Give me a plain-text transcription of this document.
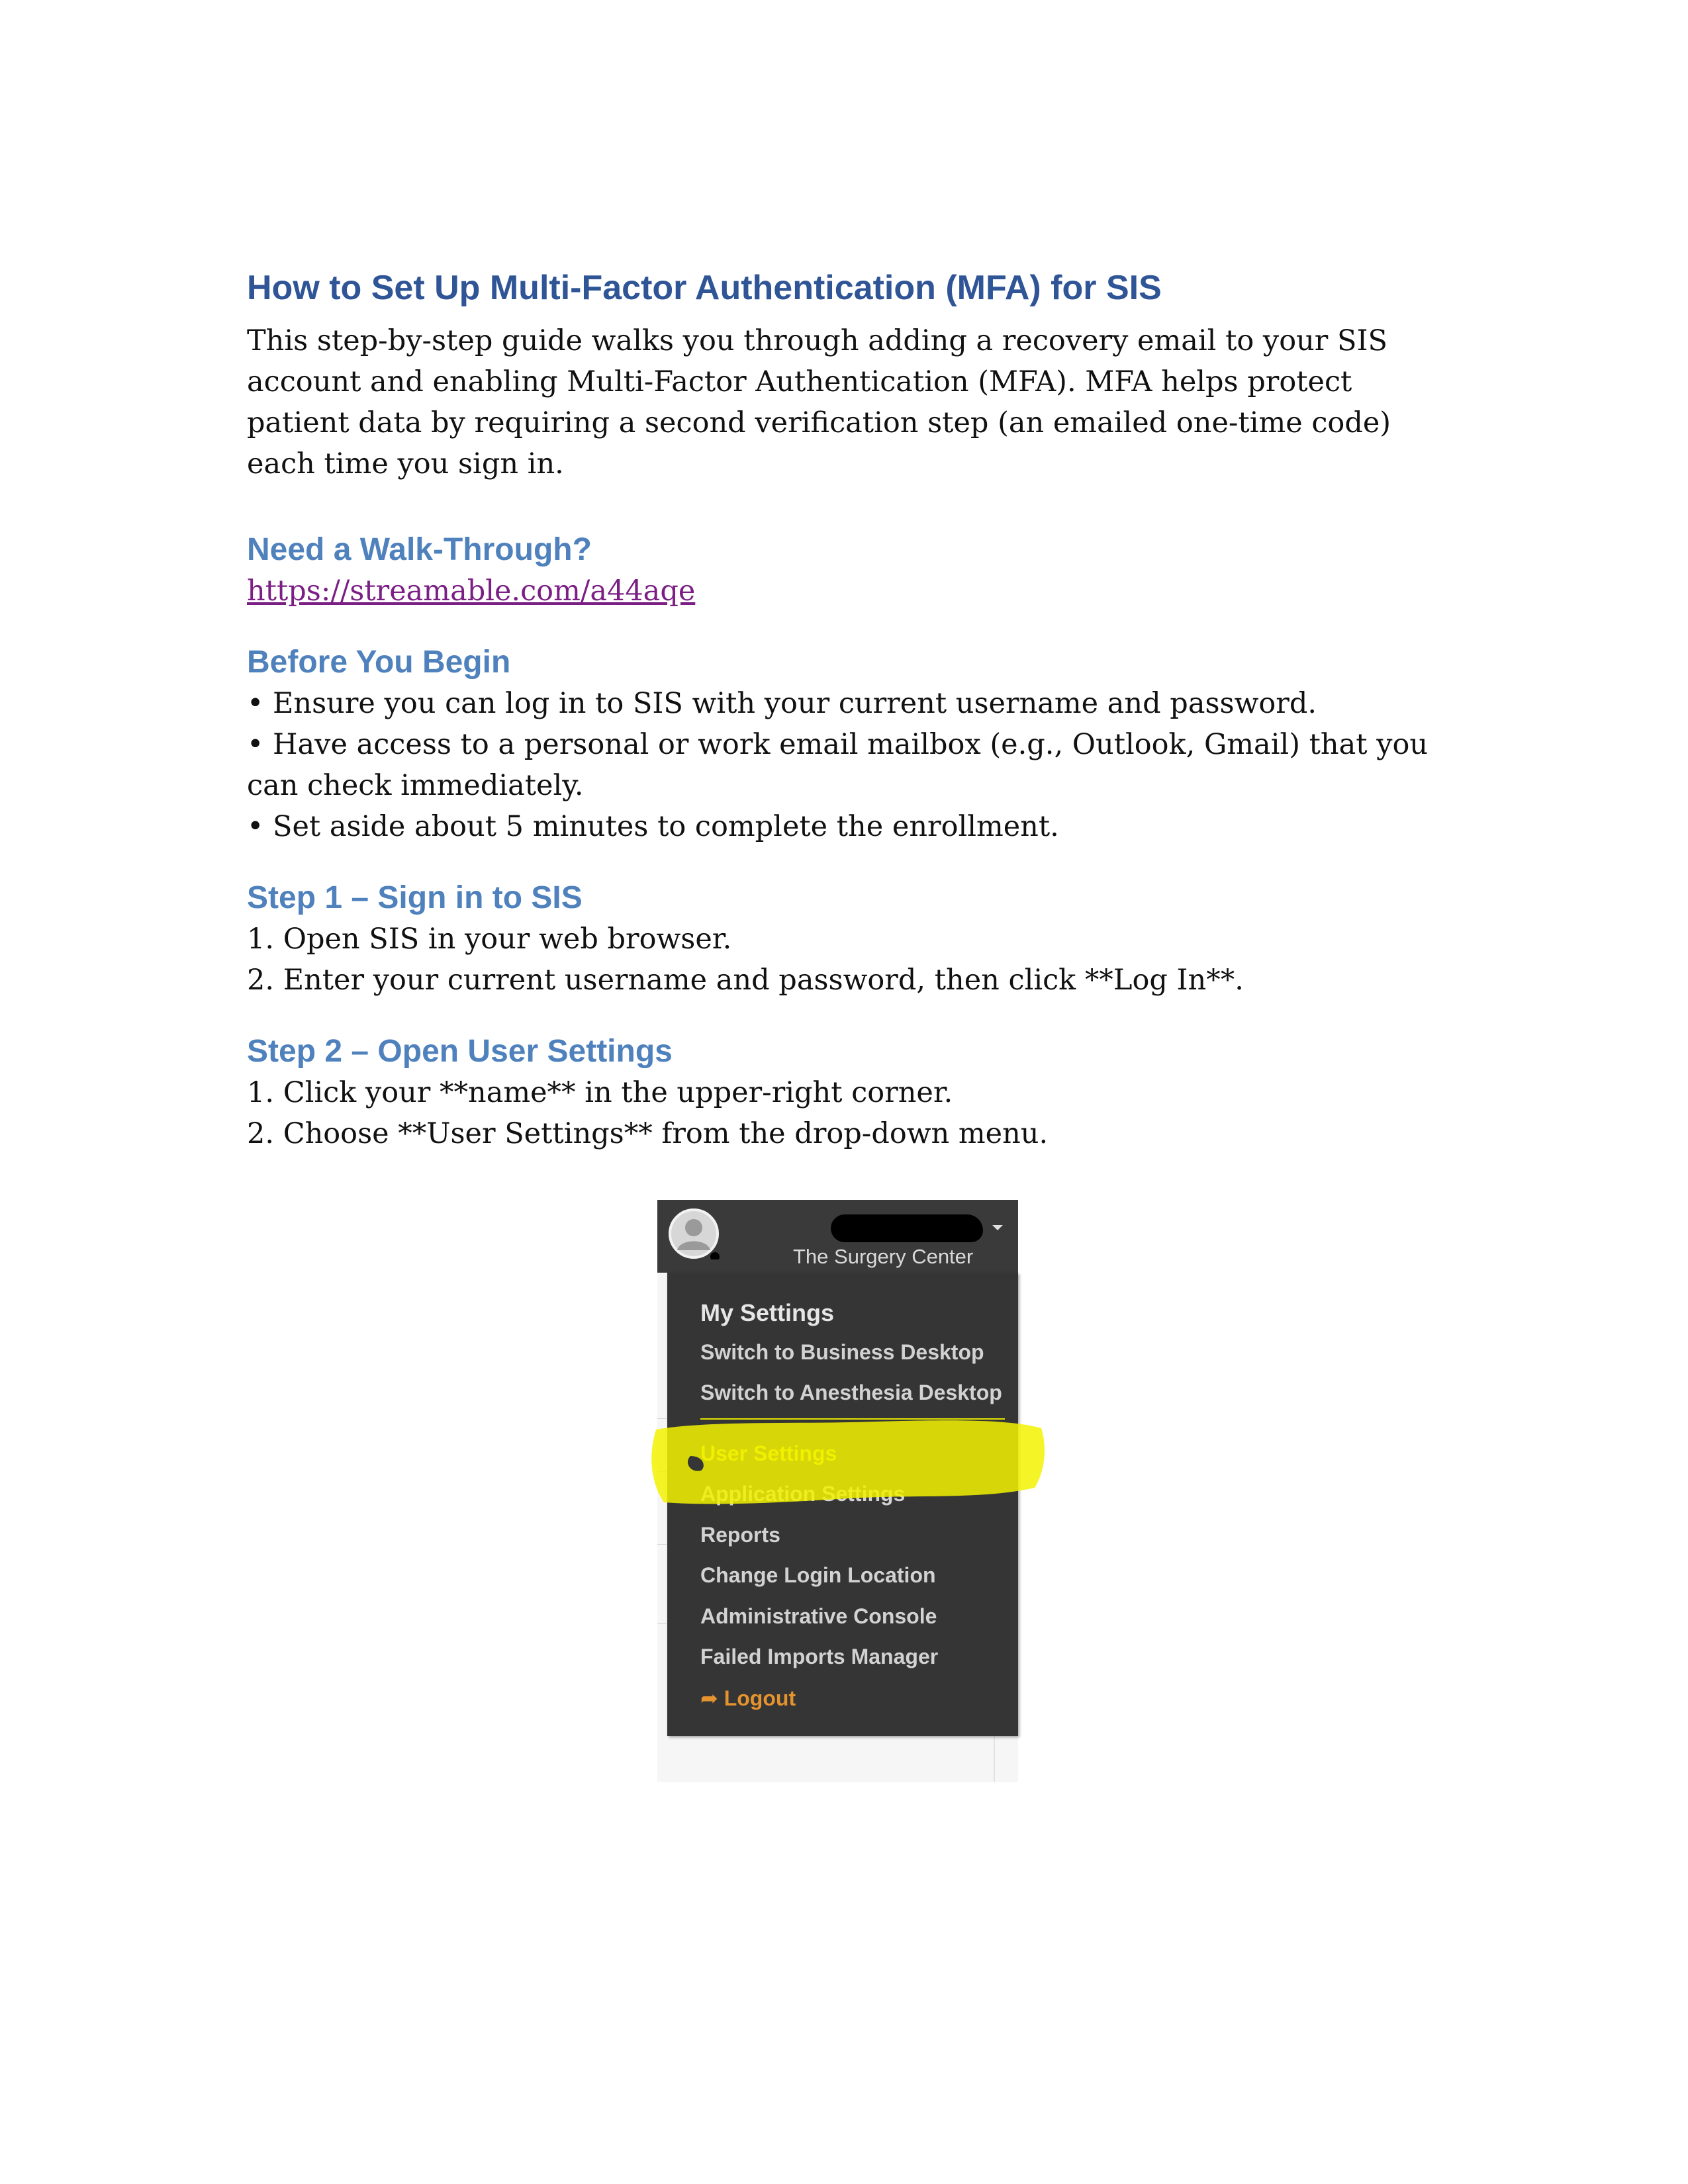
How to Set Up Multi-Factor Authentication (MFA) for SIS

This step-by-step guide walks you through adding a recovery email to your SIS account and enabling Multi-Factor Authentication (MFA). MFA helps protect patient data by requiring a second verification step (an emailed one-time code) each time you sign in.

Need a Walk-Through?
https://streamable.com/a44aqe
Before You Begin

• Ensure you can log in to SIS with your current username and password.

• Have access to a personal or work email mailbox (e.g., Outlook, Gmail) that you can check immediately.

• Set aside about 5 minutes to complete the enrollment.

Step 1 – Sign in to SIS

1. Open SIS in your web browser.

2. Enter your current username and password, then click **Log In**.

Step 2 – Open User Settings

1. Click your **name** in the upper-right corner.

2. Choose **User Settings** from the drop-down menu.

The Surgery Center
My Settings
Switch to Business Desktop
Switch to Anesthesia Desktop
Reports
Change Login Location
Administrative Console
Failed Imports Manager
➦ Logout
